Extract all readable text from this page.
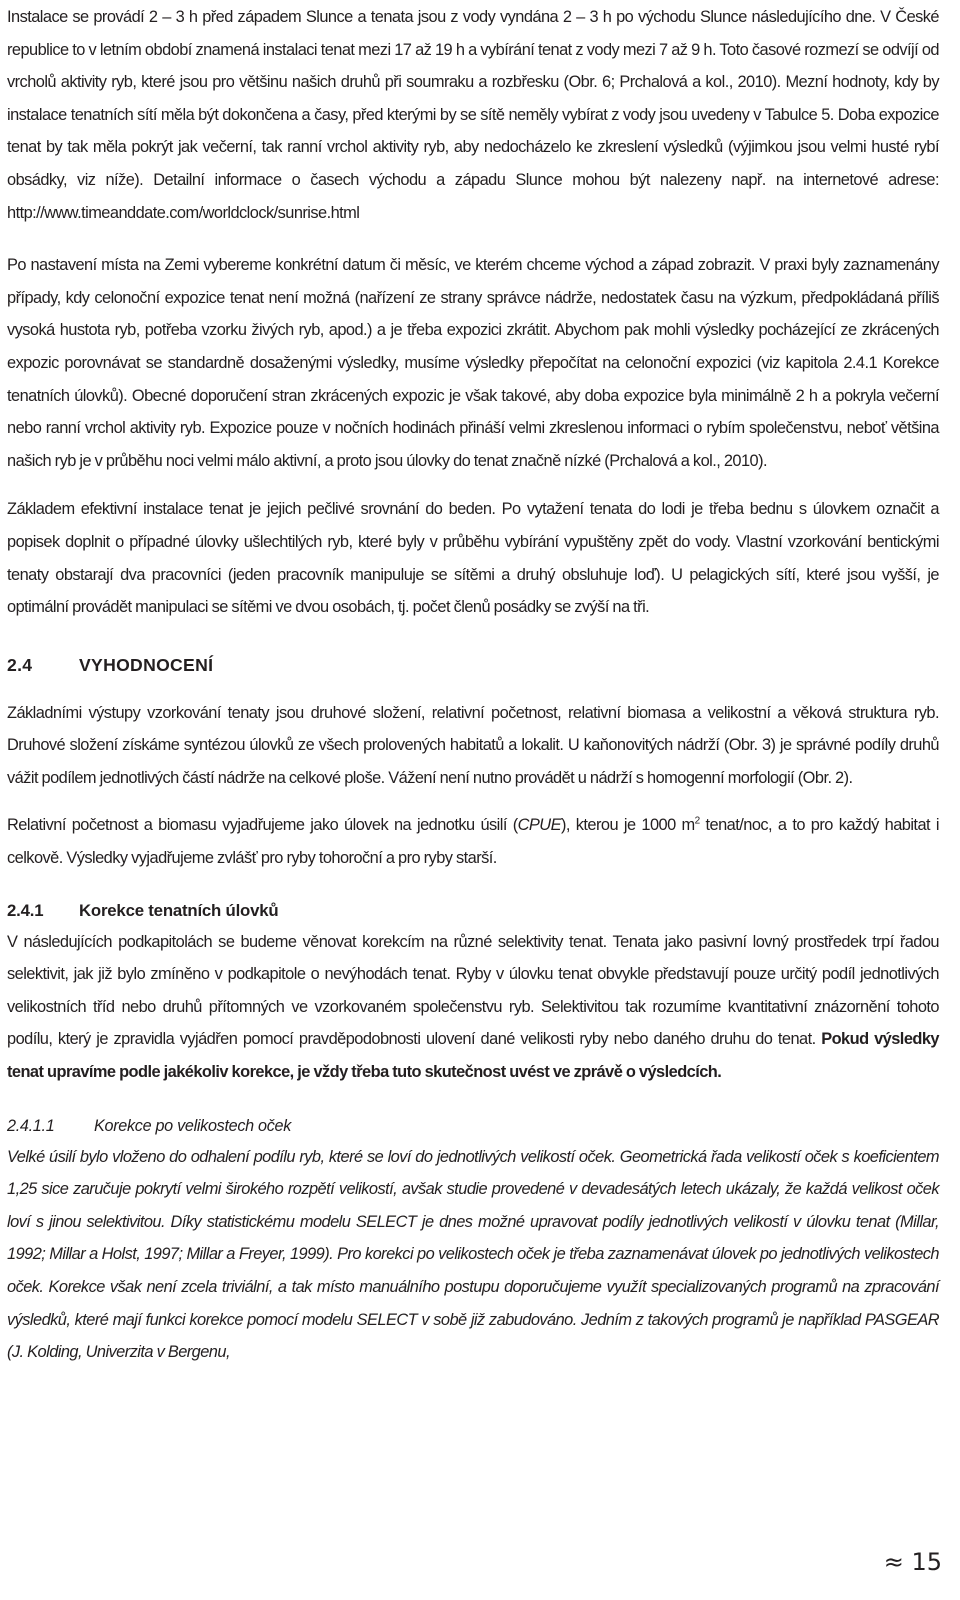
Instalace se provádí 2 – 3 h před západem Slunce a tenata jsou z vody vyndána 2 – 3 h po východu Slunce následujícího dne. V České republice to v letním období znamená instalaci tenat mezi 17 až 19 h a vybírání tenat z vody mezi 7 až 9 h. Toto časové rozmezí se odvíjí od vrcholů aktivity ryb, které jsou pro většinu našich druhů při soumraku a rozbřesku (Obr. 6; Prchalová a kol., 2010). Mezní hodnoty, kdy by instalace tenatních sítí měla být dokončena a časy, před kterými by se sítě neměly vybírat z vody jsou uvedeny v Tabulce 5. Doba expozice tenat by tak měla pokrýt jak večerní, tak ranní vrchol aktivity ryb, aby nedocházelo ke zkreslení výsledků (výjimkou jsou velmi husté rybí obsádky, viz níže). Detailní informace o časech východu a západu Slunce mohou být nalezeny např. na internetové adrese: http://www.timeanddate.com/worldclock/sunrise.html

Po nastavení místa na Zemi vybereme konkrétní datum či měsíc, ve kterém chceme východ a západ zobrazit. V praxi byly zaznamenány případy, kdy celonoční expozice tenat není možná (nařízení ze strany správce nádrže, nedostatek času na výzkum, předpokládaná příliš vysoká hustota ryb, potřeba vzorku živých ryb, apod.) a je třeba expozici zkrátit. Abychom pak mohli výsledky pocházející ze zkrácených expozic porovnávat se standardně dosaženými výsledky, musíme výsledky přepočítat na celonoční expozici (viz kapitola 2.4.1 Korekce tenatních úlovků). Obecné doporučení stran zkrácených expozic je však takové, aby doba expozice byla minimálně 2 h a pokryla večerní nebo ranní vrchol aktivity ryb. Expozice pouze v nočních hodinách přináší velmi zkreslenou informaci o rybím společenstvu, neboť většina našich ryb je v průběhu noci velmi málo aktivní, a proto jsou úlovky do tenat značně nízké (Prchalová a kol., 2010).

Základem efektivní instalace tenat je jejich pečlivé srovnání do beden. Po vytažení tenata do lodi je třeba bednu s úlovkem označit a popisek doplnit o případné úlovky ušlechtilých ryb, které byly v průběhu vybírání vypuštěny zpět do vody. Vlastní vzorkování bentickými tenaty obstarají dva pracovníci (jeden pracovník manipuluje se sítěmi a druhý obsluhuje loď). U pelagických sítí, které jsou vyšší, je optimální provádět manipulaci se sítěmi ve dvou osobách, tj. počet členů posádky se zvýší na tři.

2.4	VYHODNOCENÍ

Základními výstupy vzorkování tenaty jsou druhové složení, relativní početnost, relativní biomasa a velikostní a věková struktura ryb. Druhové složení získáme syntézou úlovků ze všech prolovených habitatů a lokalit. U kaňonovitých nádrží (Obr. 3) je správné podíly druhů vážit podílem jednotlivých částí nádrže na celkové ploše. Vážení není nutno provádět u nádrží s homogenní morfologií (Obr. 2).

Relativní početnost a biomasu vyjadřujeme jako úlovek na jednotku úsilí (CPUE), kterou je 1000 $m^2$ tenat/noc, a to pro každý habitat i celkově. Výsledky vyjadřujeme zvlášť pro ryby tohoroční a pro ryby starší.

2.4.1 Korekce tenatních úlovků

V následujících podkapitolách se budeme věnovat korekcím na různé selektivity tenat. Tenata jako pasivní lovný prostředek trpí řadou selektivit, jak již bylo zmíněno v podkapitole o nevýhodách tenat. Ryby v úlovku tenat obvykle představují pouze určitý podíl jednotlivých velikostních tříd nebo druhů přítomných ve vzorkovaném společenstvu ryb. Selektivitou tak rozumíme kvantitativní znázornění tohoto podílu, který je zpravidla vyjádřen pomocí pravděpodobnosti ulovení dané velikosti ryby nebo daného druhu do tenat. Pokud výsledky tenat upravíme podle jakékoliv korekce, je vždy třeba tuto skutečnost uvést ve zprávě o výsledcích.

2.4.1.1 Korekce po velikostech oček

Velké úsilí bylo vloženo do odhalení podílu ryb, které se loví do jednotlivých velikostí oček. Geometrická řada velikostí oček s koeficientem 1,25 sice zaručuje pokrytí velmi širokého rozpětí velikostí, avšak studie provedené v devadesátých letech ukázaly, že každá velikost oček loví s jinou selektivitou. Díky statistickému modelu SELECT je dnes možné upravovat podíly jednotlivých velikostí v úlovku tenat (Millar, 1992; Millar a Holst, 1997; Millar a Freyer, 1999). Pro korekci po velikostech oček je třeba zaznamenávat úlovek po jednotlivých velikostech oček. Korekce však není zcela triviální, a tak místo manuálního postupu doporučujeme využít specializovaných programů na zpracování výsledků, které mají funkci korekce pomocí modelu SELECT v sobě již zabudováno. Jedním z takových programů je například PASGEAR (J. Kolding, Univerzita v Bergenu,

≈ 15
